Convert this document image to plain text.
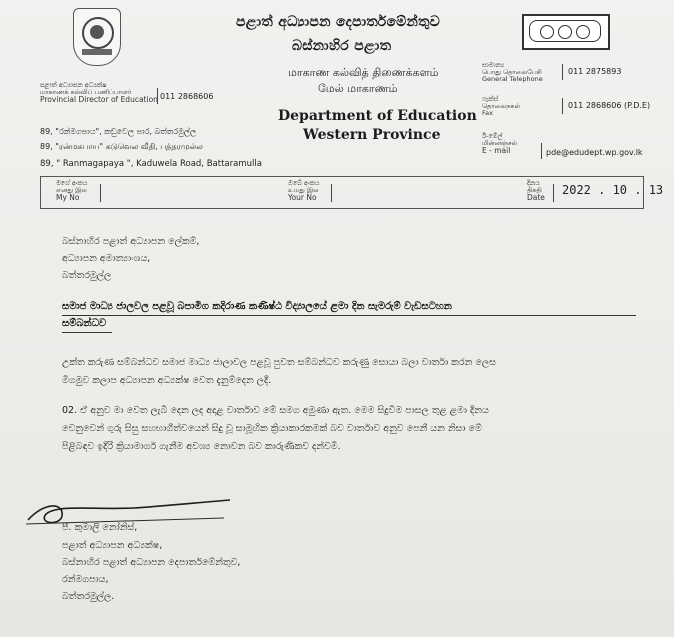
පළාත් අධ්‍යාපන දෙපාර්තමේන්තුව
බස්නාහිර පළාත
மாகாண கல்வித் திணைக்களம்
மேல் மாகாணம்
Department of Education
Western Province
පළාත් අධ්‍යාපන අධ්‍යක්ෂ
மாகாணக் கல்விப் பணிப்பாளர்
Provincial Director of Education 011 2868606
89, "රන්මගපාය", කඩුවෙල පාර, බත්තරමුල්ල
89, "ரன்மகபாய" கடுவெல வீதி, பத்தரமுல்ல
89, " Ranmagapaya ", Kaduwela Road, Battaramulla
සාමාන්‍ය
பொது தொலைபேசி
General Telephone
011 2875893
ෆැක්ස්
தொலைநகல்
Fax
011 2868606 (P.D.E)
ඊ-මේල්
மின்னஞ்சல்
E - mail	pde@edudept.wp.gov.lk
මගේ අංකය
எனது இல
My No
ඔබේ අංකය
உமது இல
Your No
දිනය
திகதி
Date
2022 . 10 . 13
බස්නාහිර පළාත් අධ්‍යාපන ලේකම්,
අධ්‍යාපන අමාත්‍යාංශය,
බත්තරමුල්ල
සමාජ මාධ්‍ය ජාලවල පළවූ බපාමිග කදිරාණ කණිෂ්ඨ විද්‍යාලයේ ළමා දින සැමරුම් වැඩසටහන
සම්බන්ධව
උක්ත කරුණ සම්බන්ධව සමාජ මාධ්‍ය ජාලාවල පළවූ පුවත සම්බන්ධව කරුණු සොයා බලා වාර්තා කරන ලෙස
මීගමුව කලාප අධ්‍යාපන අධ්‍යක්ෂ වෙත දැනුම්දෙන ලදී.
02. ඒ අනුව මා වෙත ලැබී දෙන ලද අදාළ වාර්තාව මේ සමග අමුණා ඇත. මෙම සිදුවීම පාසල තුළ ළමා දිනය
වෙනුවෙන් ගුරු සිසු සහභාගීත්වයෙන් සිදු වූ සාමූහික ක්‍රියාකාරකමක් බව වාර්තාව අනුව පෙනී යන නිසා මේ
පිළිබඳව ඉදිරි ක්‍රියාමාර්ග ගැනීම අවශ්‍ය නොවන බව කාරුණිකව දන්වමි.
පී. කුමාලි නෝනිස්,
පළාත් අධ්‍යාපන අධ්‍යක්ෂ,
බස්නාහිර පළාත් අධ්‍යාපන දෙපාර්තමේන්තුව,
රන්මගපාය,
බත්තරමුල්ල.
